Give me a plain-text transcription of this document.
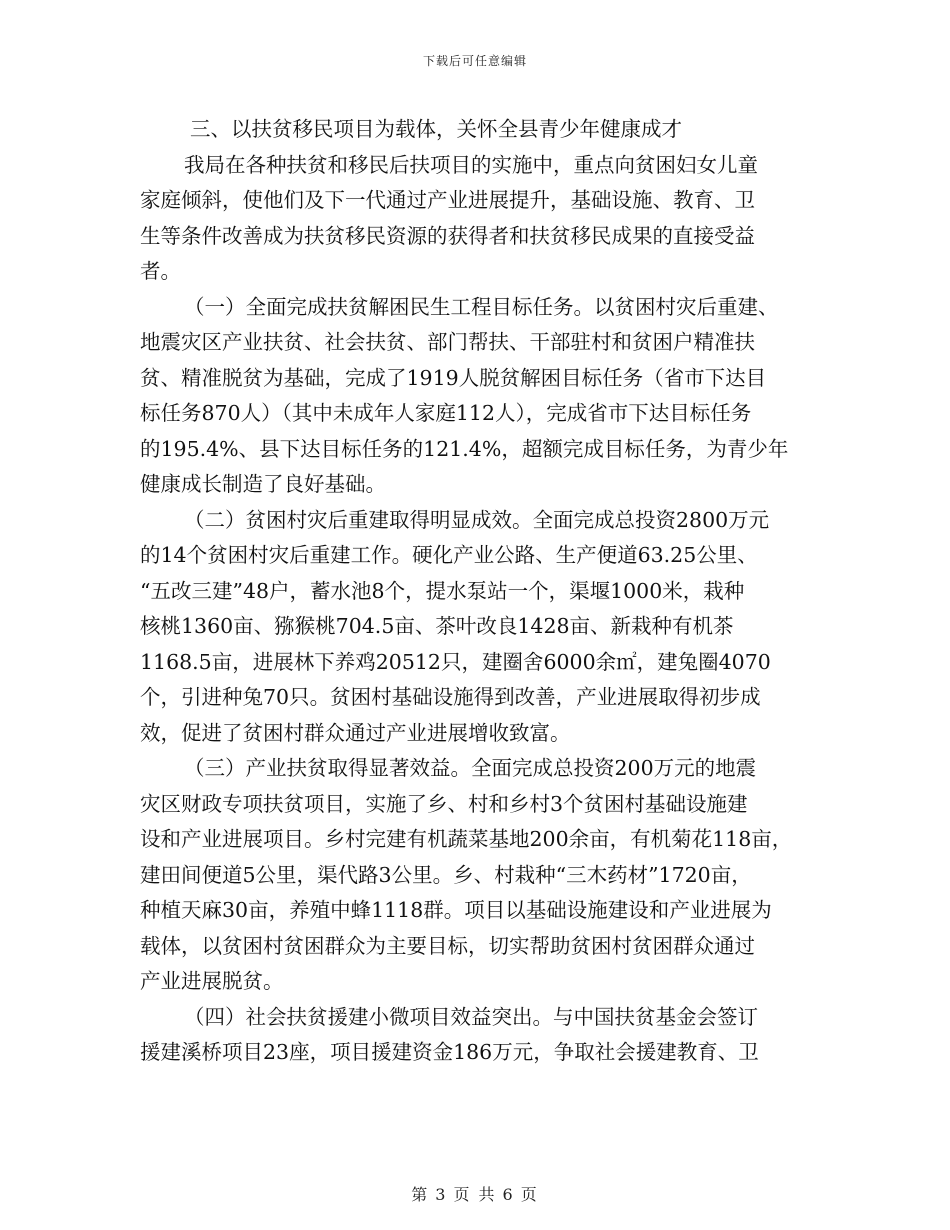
下载后可任意编辑
三、以扶贫移民项目为载体，关怀全县青少年健康成才
我局在各种扶贫和移民后扶项目的实施中，重点向贫困妇女儿童
家庭倾斜，使他们及下一代通过产业进展提升，基础设施、教育、卫
生等条件改善成为扶贫移民资源的获得者和扶贫移民成果的直接受益
者。
（一）全面完成扶贫解困民生工程目标任务。以贫困村灾后重建、
地震灾区产业扶贫、社会扶贫、部门帮扶、干部驻村和贫困户精准扶
贫、精准脱贫为基础，完成了1919人脱贫解困目标任务（省市下达目
标任务870人）（其中未成年人家庭112人），完成省市下达目标任务
的195.4%、县下达目标任务的121.4%，超额完成目标任务，为青少年
健康成长制造了良好基础。
（二）贫困村灾后重建取得明显成效。全面完成总投资2800万元
的14个贫困村灾后重建工作。硬化产业公路、生产便道63.25公里、
“五改三建”48户，蓄水池8个，提水泵站一个，渠堰1000米，栽种
核桃1360亩、猕猴桃704.5亩、茶叶改良1428亩、新栽种有机茶
1168.5亩，进展林下养鸡20512只，建圈舍6000余㎡，建兔圈4070
个，引进种兔70只。贫困村基础设施得到改善，产业进展取得初步成
效，促进了贫困村群众通过产业进展增收致富。
（三）产业扶贫取得显著效益。全面完成总投资200万元的地震
灾区财政专项扶贫项目，实施了乡、村和乡村3个贫困村基础设施建
设和产业进展项目。乡村完建有机蔬菜基地200余亩，有机菊花118亩，
建田间便道5公里，渠代路3公里。乡、村栽种“三木药材”1720亩，
种植天麻30亩，养殖中蜂1118群。项目以基础设施建设和产业进展为
载体，以贫困村贫困群众为主要目标，切实帮助贫困村贫困群众通过
产业进展脱贫。
（四）社会扶贫援建小微项目效益突出。与中国扶贫基金会签订
援建溪桥项目23座，项目援建资金186万元，争取社会援建教育、卫
第 3 页 共 6 页
